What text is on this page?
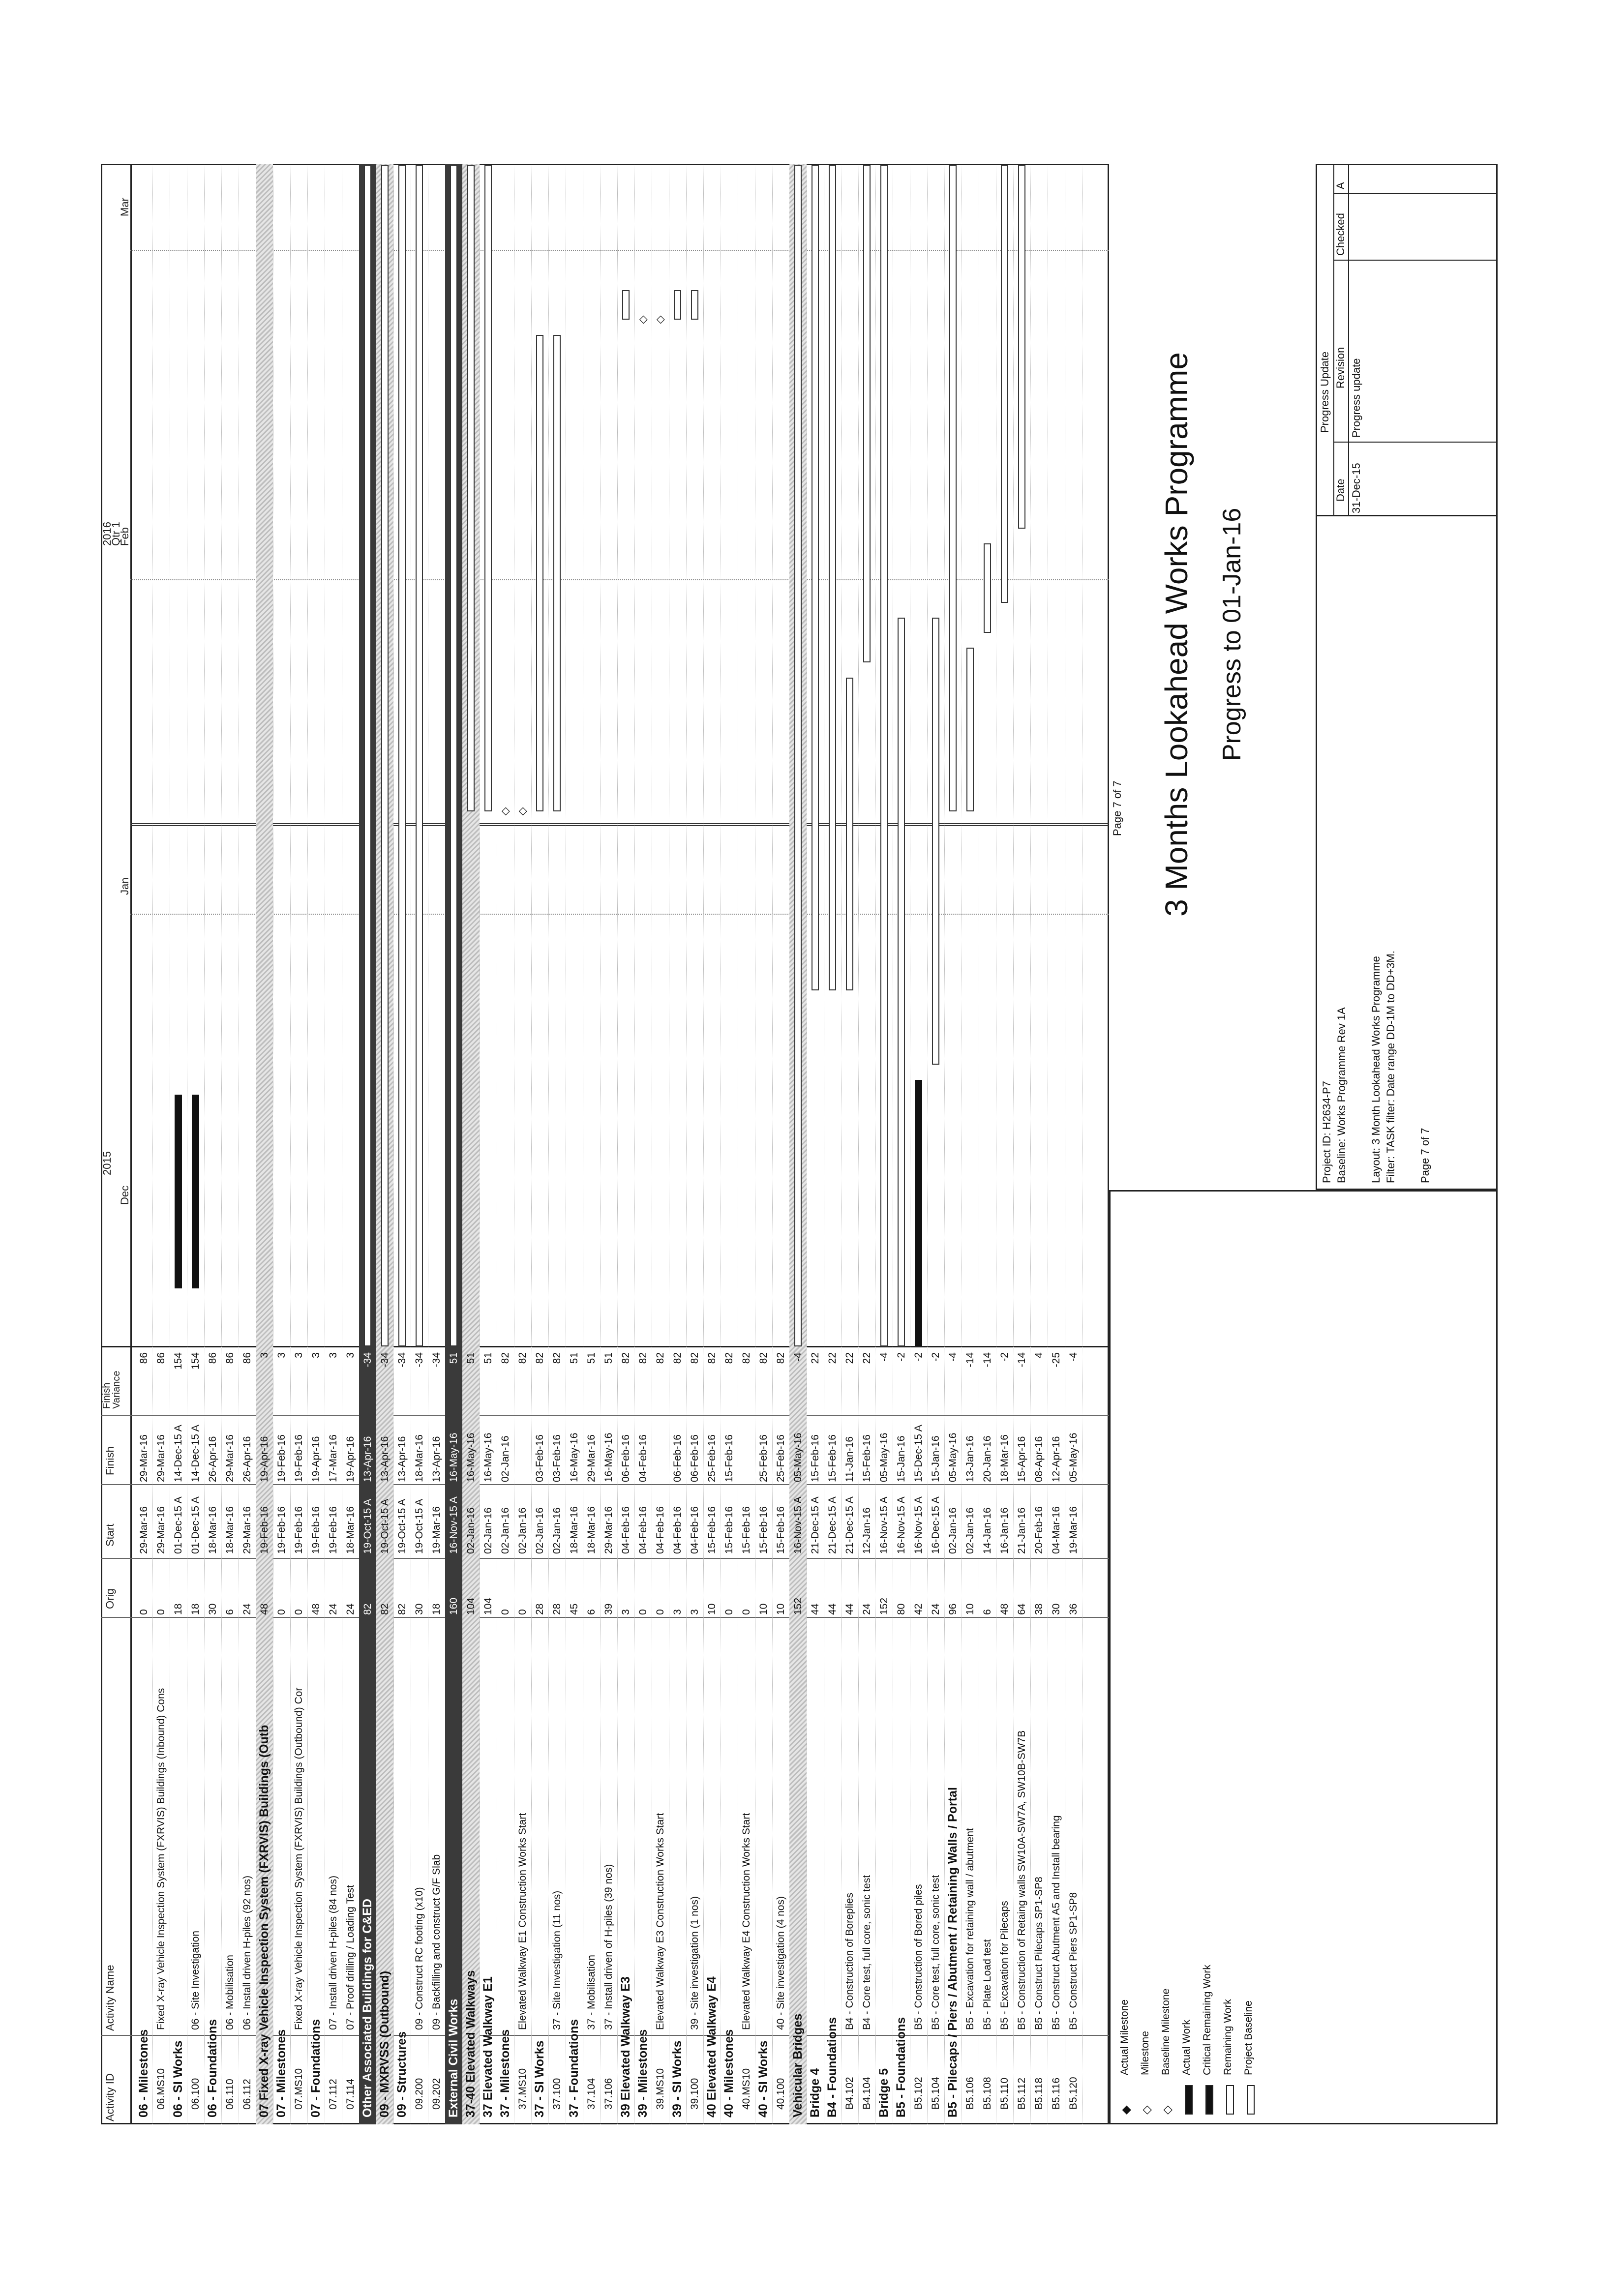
Activity ID
Activity Name
Orig
Start
Finish
Finish Variance
2015
2016
Qtr 1
Dec
Jan
Feb
Mar
06 - Milestones
0
29-Mar-16
29-Mar-16
86
06.MS10
Fixed X-ray Vehicle Inspection System (FXRVIS) Buildings (Inbound) Cons
0
29-Mar-16
29-Mar-16
86
06 - SI Works
18
01-Dec-15 A
14-Dec-15 A
154
06.100
06 - Site Investigation
18
01-Dec-15 A
14-Dec-15 A
154
06 - Foundations
30
18-Mar-16
26-Apr-16
86
06.110
06 - Mobilisation
6
18-Mar-16
29-Mar-16
86
06.112
06 - Install driven H-piles (92 nos)
24
29-Mar-16
26-Apr-16
86
07 Fixed X-ray Vehicle Inspection System (FXRVIS) Buildings (Outb
48
19-Feb-16
19-Apr-16
3
07 - Milestones
0
19-Feb-16
19-Feb-16
3
07.MS10
Fixed X-ray Vehicle Inspection System (FXRVIS) Buildings (Outbound) Cor
0
19-Feb-16
19-Feb-16
3
07 - Foundations
48
19-Feb-16
19-Apr-16
3
07.112
07 - Install driven H-piles (84 nos)
24
19-Feb-16
17-Mar-16
3
07.114
07 - Proof drilling / Loading Test
24
18-Mar-16
19-Apr-16
3
Other Associated Buildings for C&ED
82
19-Oct-15 A
13-Apr-16
-34
09 - MXRVSS (Outbound)
82
19-Oct-15 A
13-Apr-16
-34
09 - Structures
82
19-Oct-15 A
13-Apr-16
-34
09.200
09 - Construct RC footing (x10)
30
19-Oct-15 A
18-Mar-16
-34
09.202
09 - Backfilling and construct G/F Slab
18
19-Mar-16
13-Apr-16
-34
External Civil Works
160
16-Nov-15 A
16-May-16
51
37-40 Elevated Walkways
104
02-Jan-16
16-May-16
51
37 Elevated Walkway E1
104
02-Jan-16
16-May-16
51
37 - Milestones
0
02-Jan-16
02-Jan-16
82
◇
37.MS10
Elevated Walkway E1 Construction Works Start
0
02-Jan-16
82
◇
37 - SI Works
28
02-Jan-16
03-Feb-16
82
37.100
37 - Site Investigation (11 nos)
28
02-Jan-16
03-Feb-16
82
37 - Foundations
45
18-Mar-16
16-May-16
51
37.104
37 - Mobilisation
6
18-Mar-16
29-Mar-16
51
37.106
37 - Install driven of H-piles (39 nos)
39
29-Mar-16
16-May-16
51
39 Elevated Walkway E3
3
04-Feb-16
06-Feb-16
82
39 - Milestones
0
04-Feb-16
04-Feb-16
82
◇
39.MS10
Elevated Walkway E3 Construction Works Start
0
04-Feb-16
82
◇
39 - SI Works
3
04-Feb-16
06-Feb-16
82
39.100
39 - Site investigation (1 nos)
3
04-Feb-16
06-Feb-16
82
40 Elevated Walkway E4
10
15-Feb-16
25-Feb-16
82
40 - Milestones
0
15-Feb-16
15-Feb-16
82
40.MS10
Elevated Walkway E4 Construction Works Start
0
15-Feb-16
82
40 - SI Works
10
15-Feb-16
25-Feb-16
82
40.100
40 - Site investigation (4 nos)
10
15-Feb-16
25-Feb-16
82
Vehicular Bridges
152
16-Nov-15 A
05-May-16
-4
Bridge 4
44
21-Dec-15 A
15-Feb-16
22
B4 - Foundations
44
21-Dec-15 A
15-Feb-16
22
B4.102
B4 - Construction of Boreplies
44
21-Dec-15 A
11-Jan-16
22
B4.104
B4 - Core test, full core, sonic test
24
12-Jan-16
15-Feb-16
22
Bridge 5
152
16-Nov-15 A
05-May-16
-4
B5 - Foundations
80
16-Nov-15 A
15-Jan-16
-2
B5.102
B5 - Construction of Bored piles
42
16-Nov-15 A
15-Dec-15 A
-2
B5.104
B5 - Core test, full core, sonic test
24
16-Dec-15 A
15-Jan-16
-2
B5 - Pilecaps / Piers / Abutment / Retaining Walls / Portal
96
02-Jan-16
05-May-16
-4
B5.106
B5 - Excavation for retaining wall / abutment
10
02-Jan-16
13-Jan-16
-14
B5.108
B5 - Plate Load test
6
14-Jan-16
20-Jan-16
-14
B5.110
B5 - Excavation for Pilecaps
48
16-Jan-16
18-Mar-16
-2
B5.112
B5 - Construction of Retaing walls SW10A-SW7A, SW10B-SW7B
64
21-Jan-16
15-Apr-16
-14
B5.118
B5 - Construct Pilecaps SP1-SP8
38
20-Feb-16
08-Apr-16
4
B5.116
B5 - Construct Abutment A5 and Install bearing
30
04-Mar-16
12-Apr-16
-25
B5.120
B5 - Construct Piers SP1-SP8
36
19-Mar-16
05-May-16
-4
◆
Actual Milestone
◇
Milestone
◇
Baseline Milestone Actual Work Critical Remaining Work Remaining Work Project Baseline
Page 7 of 7 3 Months Lookahead Works Programme Progress to 01-Jan-16
Project ID: H2634-P7 Baseline: Works Programme Rev 1A Layout: 3 Month Lookahead Works Programme Filter: TASK filter: Date range DD-1M to DD+3M. Page 7 of 7
Progress Update
Date
Revision
Checked
A
31-Dec-15
Progress update
